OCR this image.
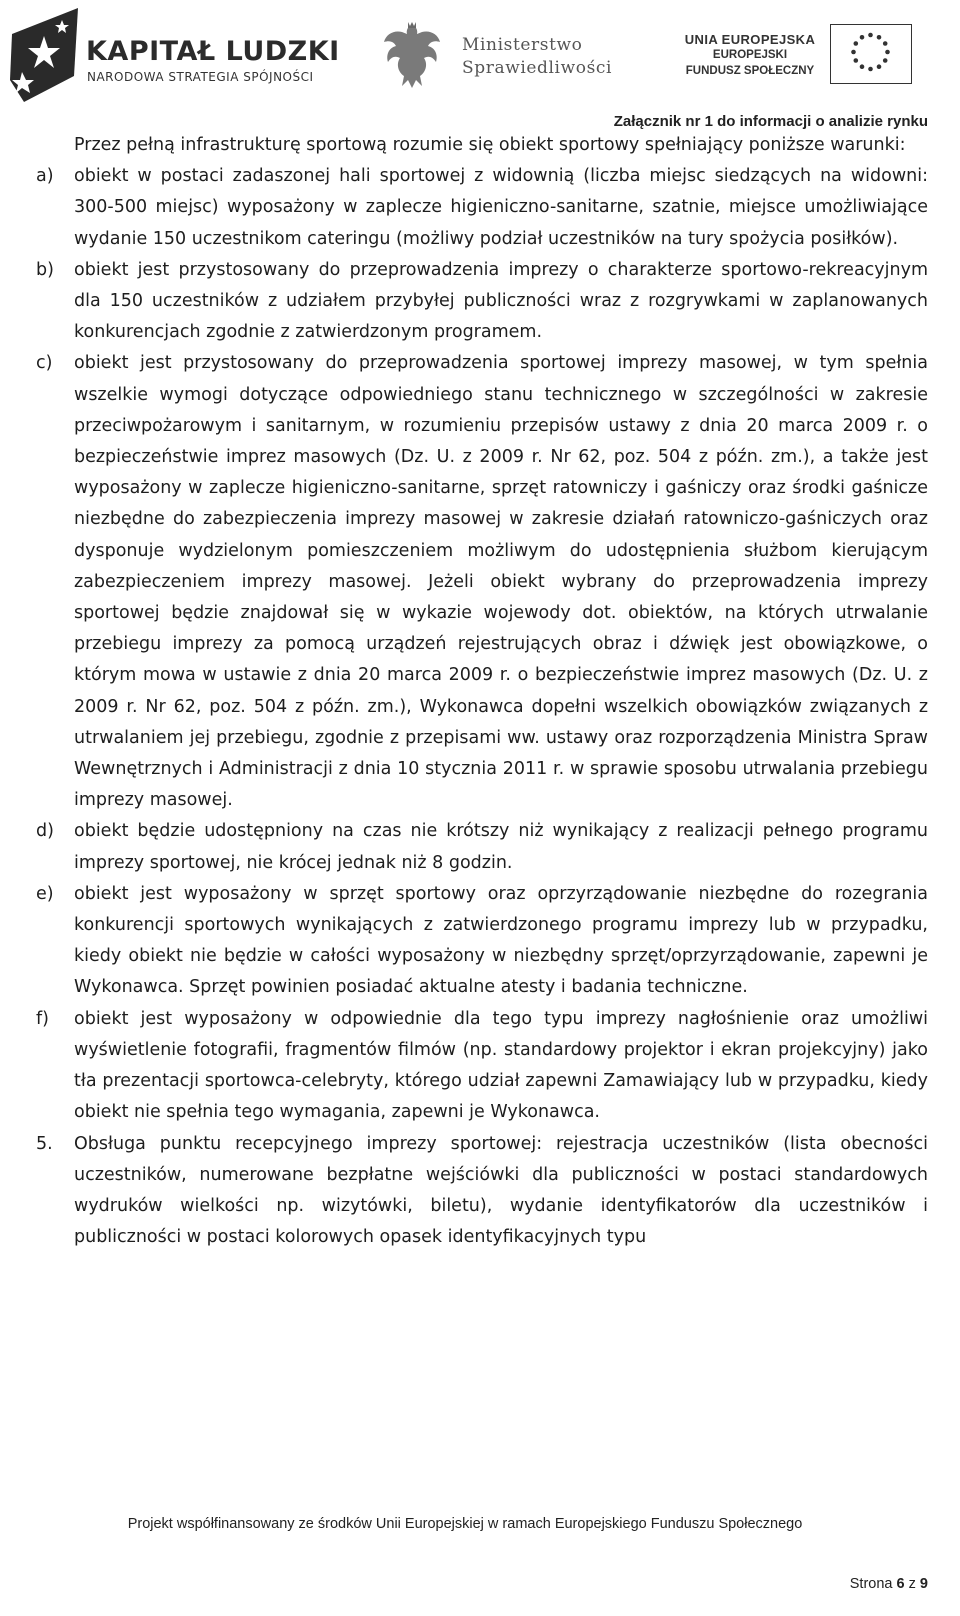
KAPITAŁ LUDZKI
NARODOWA STRATEGIA SPÓJNOŚCI
Ministerstwo
Sprawiedliwości
UNIA EUROPEJSKA
EUROPEJSKI
FUNDUSZ SPOŁECZNY
Załącznik nr 1 do informacji o analizie rynku
Przez pełną infrastrukturę sportową rozumie się obiekt sportowy spełniający poniższe warunki:
a)	obiekt w postaci zadaszonej hali sportowej z widownią (liczba miejsc siedzących na widowni: 300-500 miejsc) wyposażony w zaplecze higieniczno-sanitarne, szatnie, miejsce umożliwiające wydanie 150 uczestnikom cateringu (możliwy podział uczestników na tury spożycia posiłków).
b)	obiekt jest przystosowany do przeprowadzenia imprezy o charakterze sportowo-rekreacyjnym dla 150 uczestników z udziałem przybyłej publiczności wraz z rozgrywkami w zaplanowanych konkurencjach zgodnie z zatwierdzonym programem.
c)	obiekt jest przystosowany do przeprowadzenia sportowej imprezy masowej, w tym spełnia wszelkie wymogi dotyczące odpowiedniego stanu technicznego w szczególności w zakresie przeciwpożarowym i sanitarnym, w rozumieniu przepisów ustawy z dnia 20 marca 2009 r. o bezpieczeństwie imprez masowych (Dz. U. z 2009 r. Nr 62, poz. 504 z późn. zm.), a także jest wyposażony w zaplecze higieniczno-sanitarne, sprzęt ratowniczy i gaśniczy oraz środki gaśnicze niezbędne do zabezpieczenia imprezy masowej w zakresie działań ratowniczo-gaśniczych oraz dysponuje wydzielonym pomieszczeniem możliwym do udostępnienia służbom kierującym zabezpieczeniem imprezy masowej. Jeżeli obiekt wybrany do przeprowadzenia imprezy sportowej będzie znajdował się w wykazie wojewody dot. obiektów, na których utrwalanie przebiegu imprezy za pomocą urządzeń rejestrujących obraz i dźwięk jest obowiązkowe, o którym mowa w ustawie z dnia 20 marca 2009 r. o bezpieczeństwie imprez masowych (Dz. U. z 2009 r. Nr 62, poz. 504 z późn. zm.), Wykonawca dopełni wszelkich obowiązków związanych z utrwalaniem jej przebiegu, zgodnie z przepisami ww. ustawy oraz rozporządzenia Ministra Spraw Wewnętrznych i Administracji z dnia 10 stycznia 2011 r. w sprawie sposobu utrwalania przebiegu imprezy masowej.
d)	obiekt będzie udostępniony na czas nie krótszy niż wynikający z realizacji pełnego programu imprezy sportowej, nie krócej jednak niż 8 godzin.
e)	obiekt jest wyposażony w sprzęt sportowy oraz oprzyrządowanie niezbędne do rozegrania konkurencji sportowych wynikających z zatwierdzonego programu imprezy lub w przypadku, kiedy obiekt nie będzie w całości wyposażony w niezbędny sprzęt/oprzyrządowanie, zapewni je Wykonawca. Sprzęt powinien posiadać aktualne atesty i badania techniczne.
f)	obiekt jest wyposażony w odpowiednie dla tego typu imprezy nagłośnienie oraz umożliwi wyświetlenie fotografii, fragmentów filmów (np. standardowy projektor i ekran projekcyjny) jako tła prezentacji sportowca-celebryty, którego udział zapewni Zamawiający lub w przypadku, kiedy obiekt nie spełnia tego wymagania, zapewni je Wykonawca.
5.	Obsługa punktu recepcyjnego imprezy sportowej: rejestracja uczestników (lista obecności uczestników, numerowane bezpłatne wejściówki dla publiczności w postaci standardowych wydruków wielkości np. wizytówki, biletu), wydanie identyfikatorów dla uczestników i publiczności w postaci kolorowych opasek identyfikacyjnych typu
Projekt współfinansowany ze środków Unii Europejskiej w ramach Europejskiego Funduszu Społecznego
Strona 6 z 9
